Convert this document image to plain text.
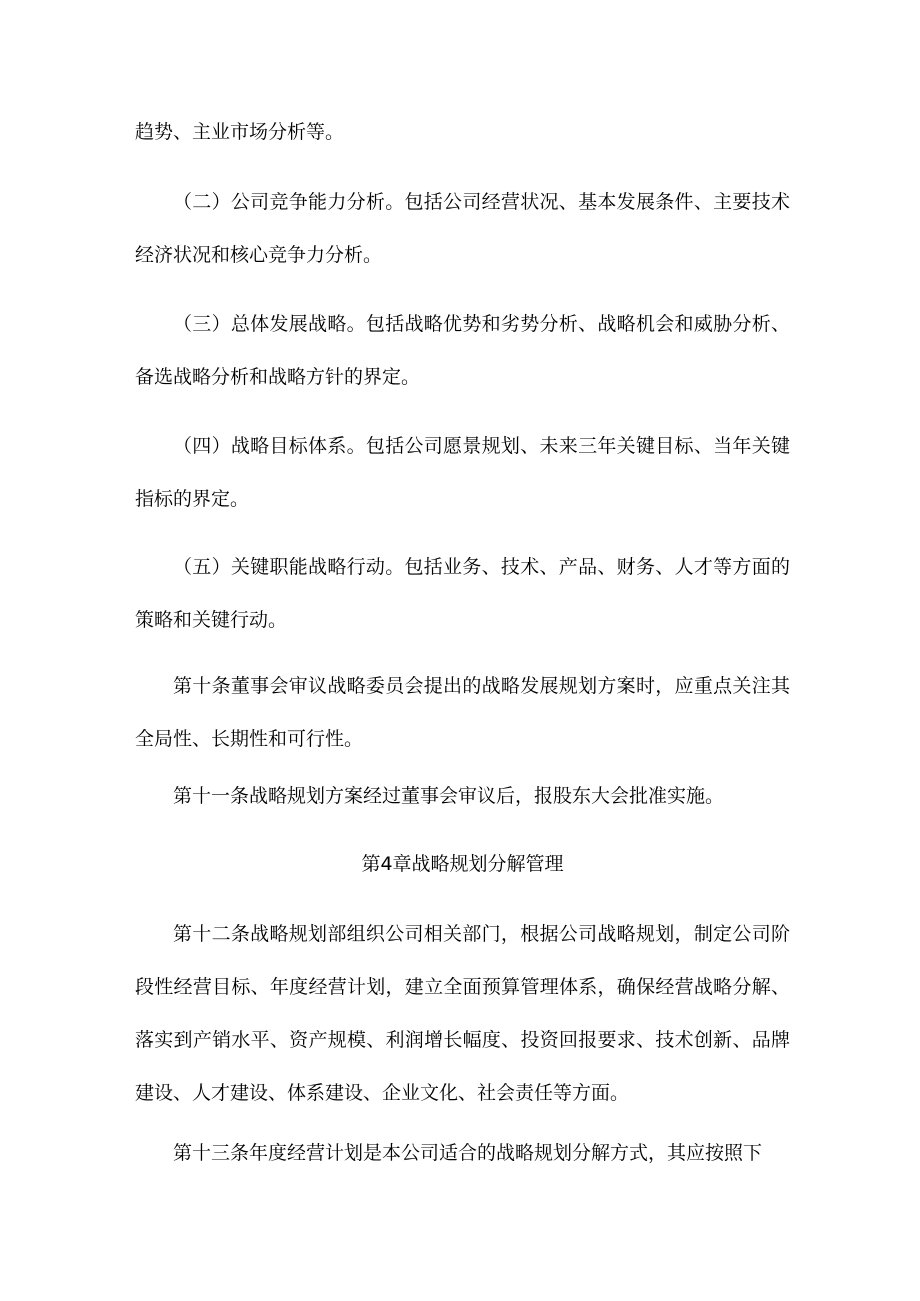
趋势、主业市场分析等。

（二）公司竞争能力分析。包括公司经营状况、基本发展条件、主要技术经济状况和核心竞争力分析。

（三）总体发展战略。包括战略优势和劣势分析、战略机会和威胁分析、备选战略分析和战略方针的界定。

（四）战略目标体系。包括公司愿景规划、未来三年关键目标、当年关键指标的界定。

（五）关键职能战略行动。包括业务、技术、产品、财务、人才等方面的策略和关键行动。

第十条董事会审议战略委员会提出的战略发展规划方案时，应重点关注其全局性、长期性和可行性。

第十一条战略规划方案经过董事会审议后，报股东大会批准实施。

第4章战略规划分解管理

第十二条战略规划部组织公司相关部门，根据公司战略规划，制定公司阶段性经营目标、年度经营计划，建立全面预算管理体系，确保经营战略分解、落实到产销水平、资产规模、利润增长幅度、投资回报要求、技术创新、品牌建设、人才建设、体系建设、企业文化、社会责任等方面。

第十三条年度经营计划是本公司适合的战略规划分解方式，其应按照下
